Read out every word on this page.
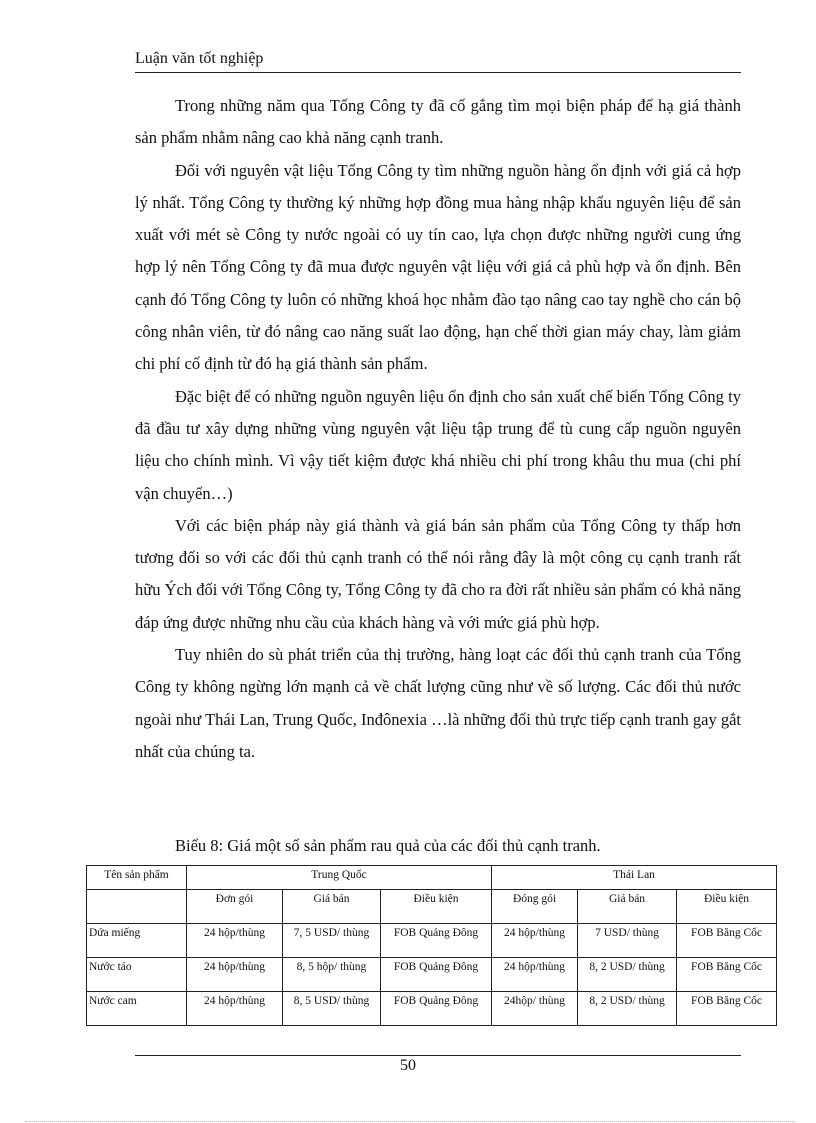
Luận văn tốt nghiệp

Trong những năm qua Tổng Công ty đã cố gắng tìm mọi biện pháp để hạ giá thành sản phẩm nhằm nâng cao khả năng cạnh tranh.

Đối với nguyên vật liệu Tổng Công ty tìm những nguồn hàng ổn định với giá cả hợp lý nhất. Tổng Công ty thường ký những hợp đồng mua hàng nhập khẩu nguyên liệu để sản xuất với mét sè Công ty nước ngoài có uy tín cao, lựa chọn được những người cung ứng hợp lý nên Tổng Công ty đã mua được nguyên vật liệu với giá cả phù hợp và ổn định. Bên cạnh đó Tổng Công ty luôn có những khoá học nhằm đào tạo nâng cao tay nghề cho cán bộ công nhân viên, từ đó nâng cao năng suất lao động, hạn chế thời gian máy chay, làm giảm chi phí cố định từ đó hạ giá thành sản phẩm.

Đặc biệt để có những nguồn nguyên liệu ổn định cho sản xuất chế biến Tổng Công ty đã đầu tư xây dựng những vùng nguyên vật liệu tập trung để tù cung cấp nguồn nguyên liệu cho chính mình. Vì vậy tiết kiệm được khá nhiều chi phí trong khâu thu mua (chi phí vận chuyển…)

Với các biện pháp này giá thành và giá bán sản phẩm của Tổng Công ty thấp hơn tương đối so với các đối thủ cạnh tranh có thể nói rằng đây là một công cụ cạnh tranh rất hữu Ých đối với Tổng Công ty, Tổng Công ty đã cho ra đời rất nhiều sản phẩm có khả năng đáp ứng được những nhu cầu của khách hàng và với mức giá phù hợp.

Tuy nhiên do sù phát triển của thị trường, hàng loạt các đối thủ cạnh tranh của Tổng Công ty không ngừng lớn mạnh cả về chất lượng cũng như về số lượng. Các đối thủ nước ngoài như Thái Lan, Trung Quốc, Inđônexia …là những đối thủ trực tiếp cạnh tranh gay gắt nhất của chúng ta.

Biểu 8: Giá một số sản phẩm rau quả của các đối thủ cạnh tranh.
Tên sản phẩm	Trung Quốc			Thái Lan		
	Đơn gói	Giá bán	Điều kiện	Đóng gói	Giá bán	Điều kiện
Dứa miếng	24 hộp/thùng	7, 5 USD/ thùng	FOB Quảng Đông	24 hộp/thùng	7 USD/ thùng	FOB Băng Cốc
Nước táo	24 hộp/thùng	8, 5 hộp/ thùng	FOB Quảng Đông	24 hộp/thùng	8, 2 USD/ thùng	FOB Băng Cốc
Nước cam	24 hộp/thùng	8, 5 USD/ thùng	FOB Quảng Đông	24hộp/ thùng	8, 2 USD/ thùng	FOB Băng Cốc
50
